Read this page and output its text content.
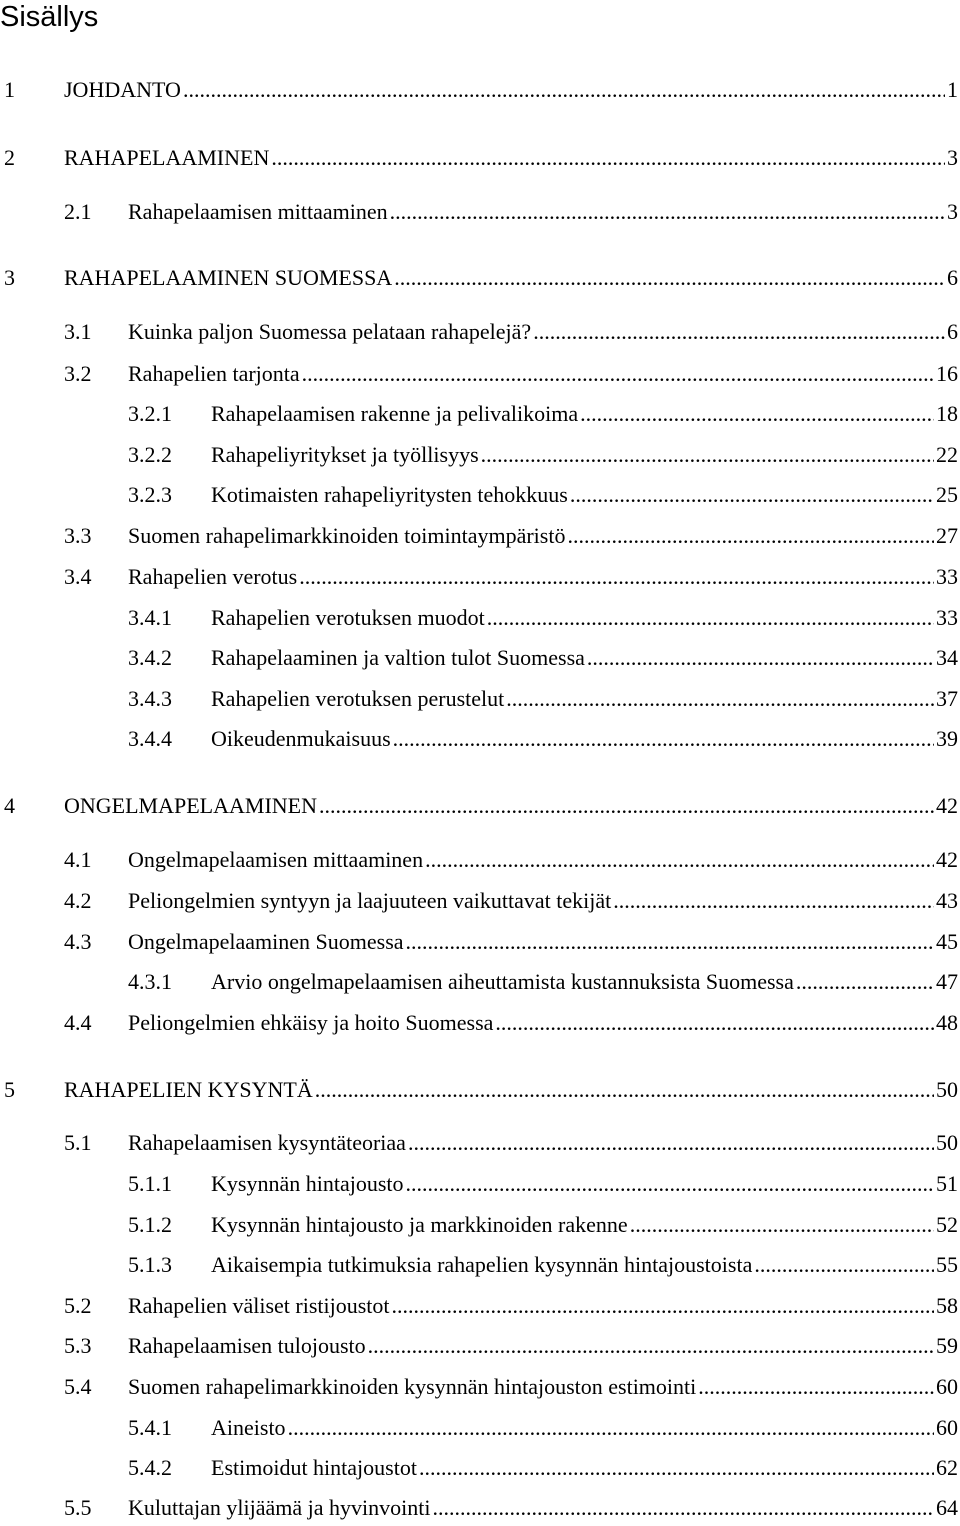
Sisällys
1	JOHDANTO .....	1
2	RAHAPELAAMINEN .....	3
2.1	Rahapelaamisen mittaaminen .....	3
3	RAHAPELAAMINEN SUOMESSA .....	6
3.1	Kuinka paljon Suomessa pelataan rahapelejä? .....	6
3.2	Rahapelien tarjonta .....	16
3.2.1	Rahapelaamisen rakenne ja pelivalikoima .....	18
3.2.2	Rahapeliyritykset ja työllisyys .....	22
3.2.3	Kotimaisten rahapeliyritysten tehokkuus .....	25
3.3	Suomen rahapelimarkkinoiden toimintaympäristö .....	27
3.4	Rahapelien verotus .....	33
3.4.1	Rahapelien verotuksen muodot .....	33
3.4.2	Rahapelaaminen ja valtion tulot Suomessa .....	34
3.4.3	Rahapelien verotuksen perustelut .....	37
3.4.4	Oikeudenmukaisuus .....	39
4	ONGELMAPELAAMINEN .....	42
4.1	Ongelmapelaamisen mittaaminen .....	42
4.2	Peliongelmien syntyyn ja laajuuteen vaikuttavat tekijät .....	43
4.3	Ongelmapelaaminen Suomessa .....	45
4.3.1	Arvio ongelmapelaamisen aiheuttamista kustannuksista Suomessa .....	47
4.4	Peliongelmien ehkäisy ja hoito Suomessa .....	48
5	RAHAPELIEN KYSYNTÄ .....	50
5.1	Rahapelaamisen kysyntäteoriaa .....	50
5.1.1	Kysynnän hintajousto .....	51
5.1.2	Kysynnän hintajousto ja markkinoiden rakenne .....	52
5.1.3	Aikaisempia tutkimuksia rahapelien kysynnän hintajoustoista .....	55
5.2	Rahapelien väliset ristijoustot .....	58
5.3	Rahapelaamisen tulojousto .....	59
5.4	Suomen rahapelimarkkinoiden kysynnän hintajouston estimointi .....	60
5.4.1	Aineisto .....	60
5.4.2	Estimoidut hintajoustot .....	62
5.5	Kuluttajan ylijäämä ja hyvinvointi .....	64
